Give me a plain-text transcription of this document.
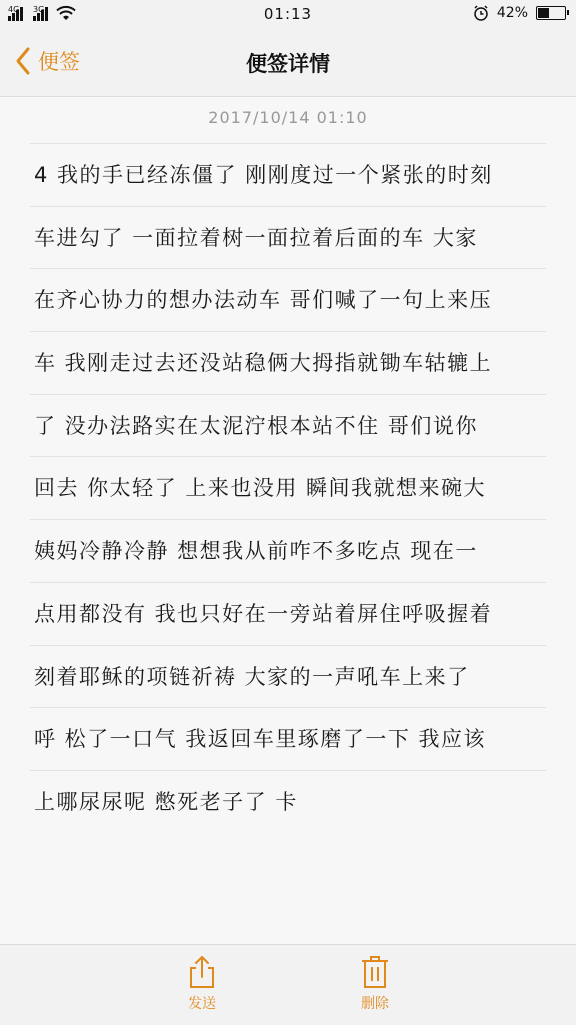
4G 3G	01:13	42%
便签	便签详情
2017/10/14 01:10
4 我的手已经冻僵了 刚刚度过一个紧张的时刻
车进勾了 一面拉着树一面拉着后面的车 大家
在齐心协力的想办法动车 哥们喊了一句上来压
车 我刚走过去还没站稳俩大拇指就锄车轱辘上
了 没办法路实在太泥泞根本站不住 哥们说你
回去 你太轻了 上来也没用 瞬间我就想来碗大
姨妈冷静冷静 想想我从前咋不多吃点 现在一
点用都没有 我也只好在一旁站着屏住呼吸握着
刻着耶稣的项链祈祷 大家的一声吼车上来了
呼 松了一口气 我返回车里琢磨了一下 我应该
上哪尿尿呢 憋死老子了 卡
发送	删除
